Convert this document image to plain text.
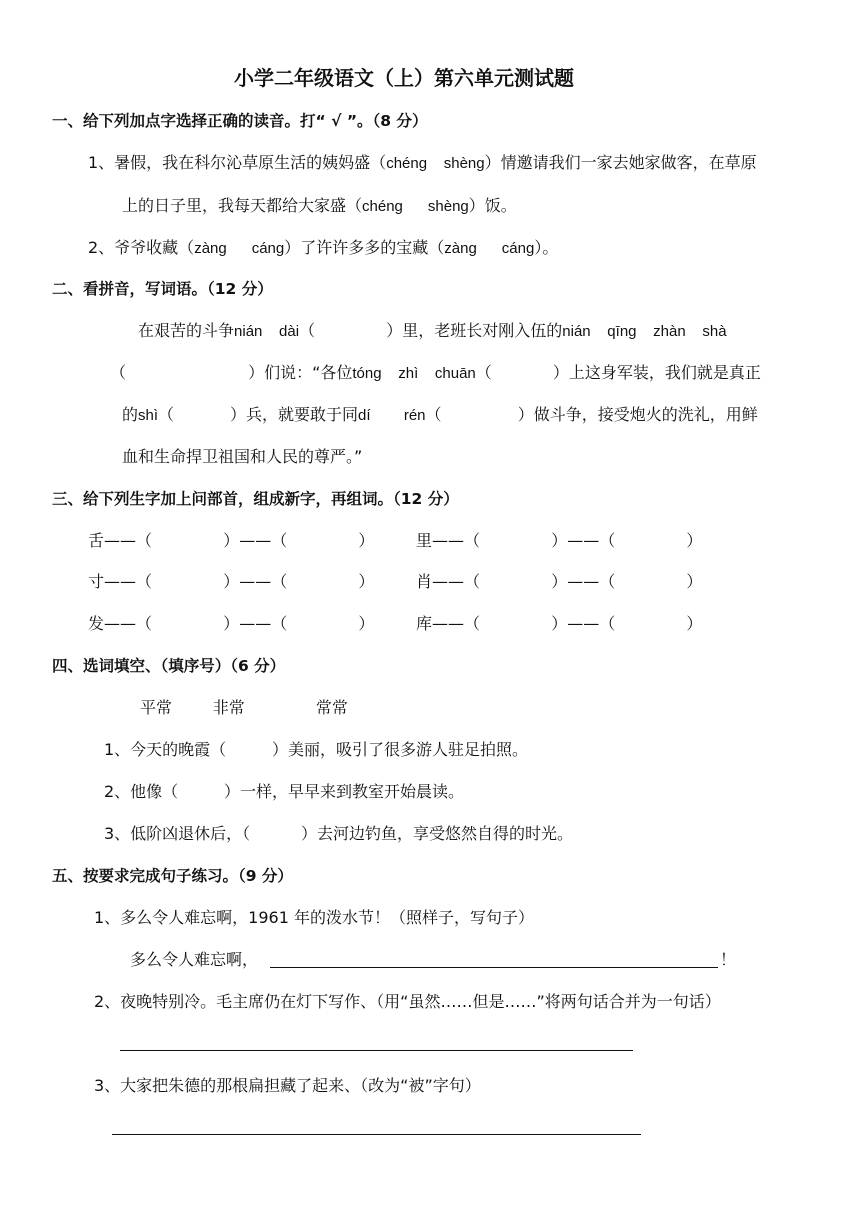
小学二年级语文（上）第六单元测试题
一、给下列加点字选择正确的读音。打“ √ ”。（8 分）
1、暑假，我在科尔沁草原生活的姨妈盛（chéng    shèng）情邀请我们一家去她家做客，在草原
上的日子里，我每天都给大家盛（chéng      shèng）饭。
2、爷爷收藏（zàng      cáng）了许许多多的宝藏（zàng      cáng）。
二、看拼音，写词语。（12 分）
在艰苦的斗争nián    dài（              ）里，老班长对刚入伍的nián    qīng    zhàn    shà
（                        ）们说：“各位tóng    zhì    chuān（            ）上这身军装，我们就是真正
的shì（           ）兵，就要敢于同dí        rén（               ）做斗争，接受炮火的洗礼，用鲜
血和生命捍卫祖国和人民的尊严。”
三、给下列生字加上问部首，组成新字，再组词。（12 分）
舌——（              ）——（              ）	里——（              ）——（              ）
寸——（              ）——（              ）	肖——（              ）——（              ）
发——（              ）——（              ）	库——（              ）——（              ）
四、选词填空、（填序号）（6 分）
平常        非常              常常
1、今天的晚霞（         ）美丽，吸引了很多游人驻足拍照。
2、他像（         ）一样，早早来到教室开始晨读。
3、低阶凶退休后，（          ）去河边钓鱼，享受悠然自得的时光。
五、按要求完成句子练习。（9 分）
1、多么令人难忘啊，1961 年的泼水节！（照样子，写句子）
多么令人难忘啊，	！
2、夜晚特别冷。毛主席仍在灯下写作、（用“虽然……但是……”将两句话合并为一句话）
3、大家把朱德的那根扁担藏了起来、（改为“被”字句）
